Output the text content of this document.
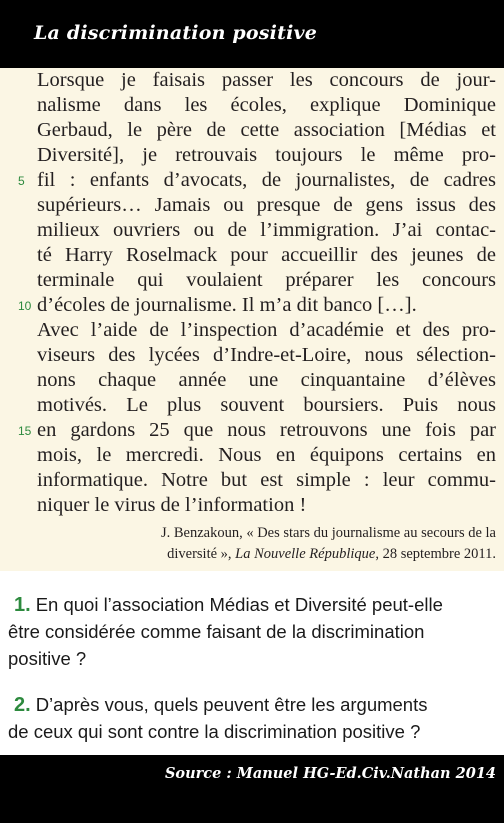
La discrimination positive
Lorsque je faisais passer les concours de jour-
nalisme dans les écoles, explique Dominique
Gerbaud, le père de cette association [Médias et
Diversité], je retrouvais toujours le même pro-
fil : enfants d’avocats, de journalistes, de cadres
supérieurs… Jamais ou presque de gens issus des
milieux ouvriers ou de l’immigration. J’ai contac-
té Harry Roselmack pour accueillir des jeunes de
terminale qui voulaient préparer les concours
d’écoles de journalisme. Il m’a dit banco […].
Avec l’aide de l’inspection d’académie et des pro-
viseurs des lycées d’Indre-et-Loire, nous sélection-
nons chaque année une cinquantaine d’élèves
motivés. Le plus souvent boursiers. Puis nous
en gardons 25 que nous retrouvons une fois par
mois, le mercredi. Nous en équipons certains en
informatique. Notre but est simple : leur commu-
niquer le virus de l’information !
5
10
15
J. Benzakoun, « Des stars du journalisme au secours de la
diversité », La Nouvelle République, 28 septembre 2011.
1. En quoi l’association Médias et Diversité peut-elle
être considérée comme faisant de la discrimination
positive ?
2. D’après vous, quels peuvent être les arguments
de ceux qui sont contre la discrimination positive ?
Source : Manuel HG-Ed.Civ.Nathan 2014
